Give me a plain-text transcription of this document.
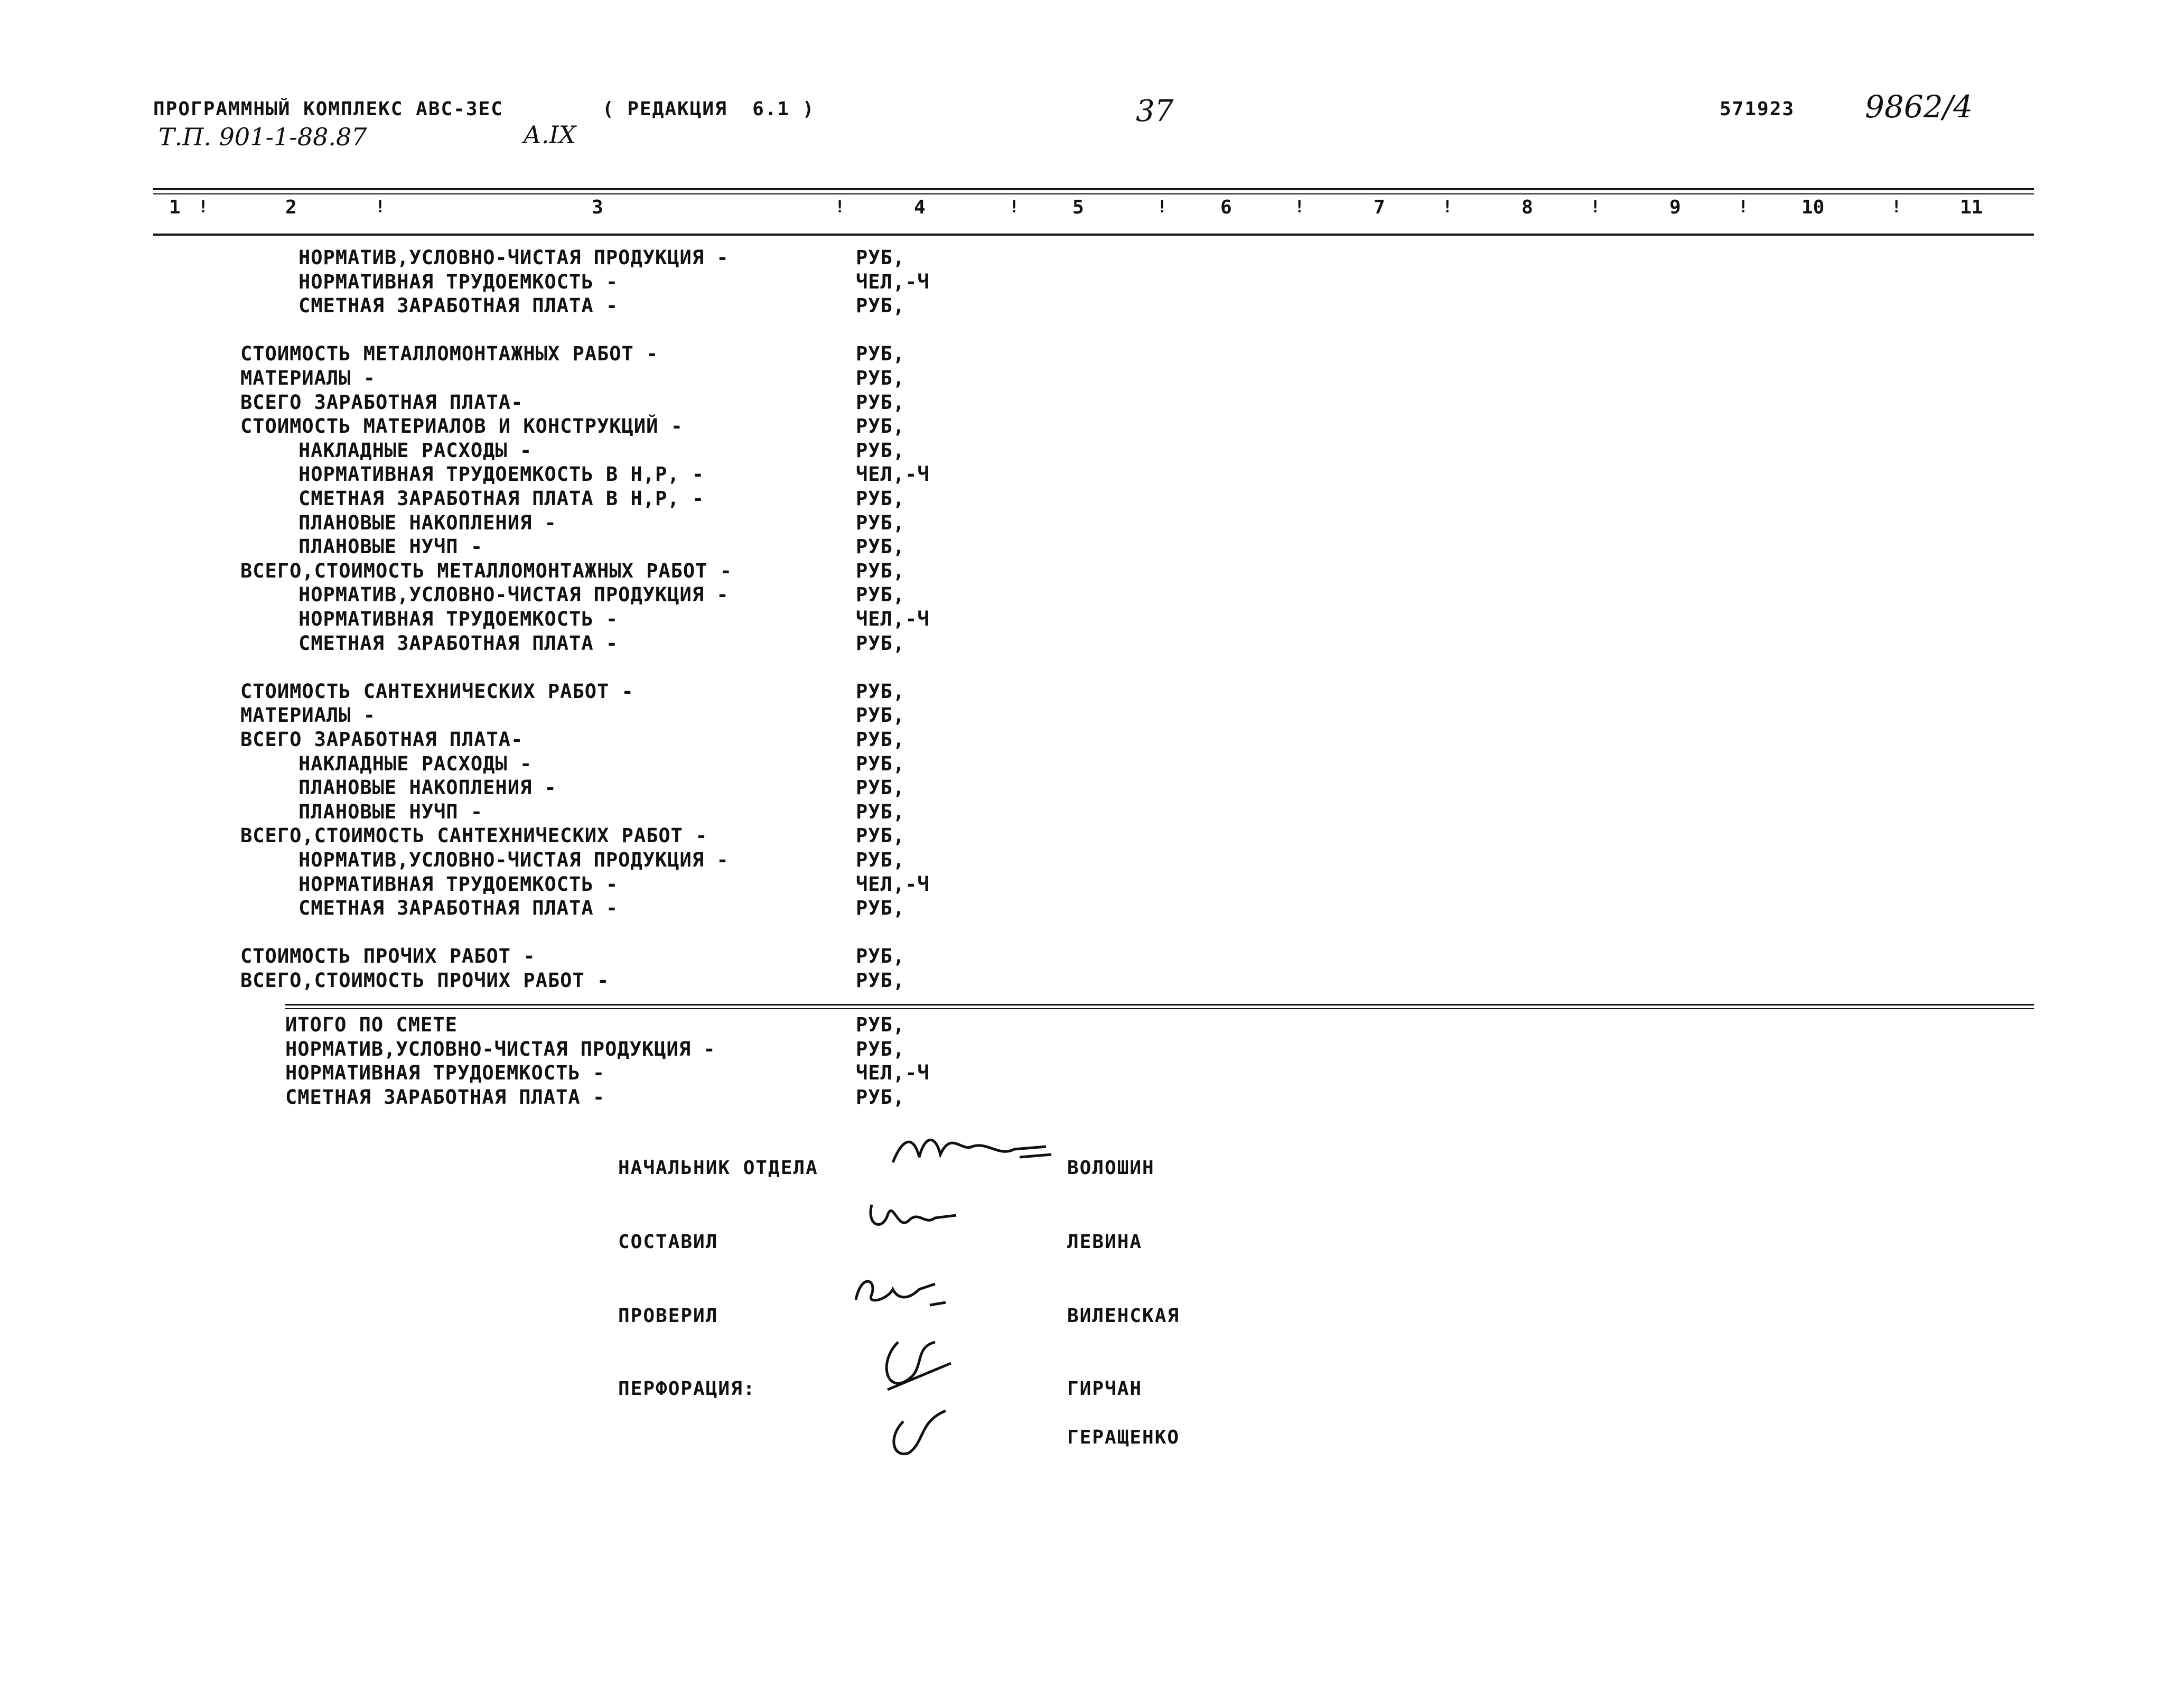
ПРОГРАММНЫЙ КОМПЛЕКС АВС-3ЕС	( РЕДАКЦИЯ  6.1 )	37	571923 9862/4
Т.П. 901-1-88.87	А.IX
1	2	3	4	5	6	7	8	9	10	11
!	!	!	!	!	!	!	!	!	!
НОРМАТИВ,УСЛОВНО-ЧИСТАЯ ПРОДУКЦИЯ -	РУБ,
НОРМАТИВНАЯ ТРУДОЕМКОСТЬ -	ЧЕЛ,-Ч
СМЕТНАЯ ЗАРАБОТНАЯ ПЛАТА -	РУБ,
СТОИМОСТЬ МЕТАЛЛОМОНТАЖНЫХ РАБОТ -	РУБ,
МАТЕРИАЛЫ -	РУБ,
ВСЕГО ЗАРАБОТНАЯ ПЛАТА-	РУБ,
СТОИМОСТЬ МАТЕРИАЛОВ И КОНСТРУКЦИЙ -	РУБ,
НАКЛАДНЫЕ РАСХОДЫ -	РУБ,
НОРМАТИВНАЯ ТРУДОЕМКОСТЬ В Н,Р, -	ЧЕЛ,-Ч
СМЕТНАЯ ЗАРАБОТНАЯ ПЛАТА В Н,Р, -	РУБ,
ПЛАНОВЫЕ НАКОПЛЕНИЯ -	РУБ,
ПЛАНОВЫЕ НУЧП -	РУБ,
ВСЕГО,СТОИМОСТЬ МЕТАЛЛОМОНТАЖНЫХ РАБОТ -	РУБ,
НОРМАТИВ,УСЛОВНО-ЧИСТАЯ ПРОДУКЦИЯ -	РУБ,
НОРМАТИВНАЯ ТРУДОЕМКОСТЬ -	ЧЕЛ,-Ч
СМЕТНАЯ ЗАРАБОТНАЯ ПЛАТА -	РУБ,
СТОИМОСТЬ САНТЕХНИЧЕСКИХ РАБОТ -	РУБ,
МАТЕРИАЛЫ -	РУБ,
ВСЕГО ЗАРАБОТНАЯ ПЛАТА-	РУБ,
НАКЛАДНЫЕ РАСХОДЫ -	РУБ,
ПЛАНОВЫЕ НАКОПЛЕНИЯ -	РУБ,
ПЛАНОВЫЕ НУЧП -	РУБ,
ВСЕГО,СТОИМОСТЬ САНТЕХНИЧЕСКИХ РАБОТ -	РУБ,
НОРМАТИВ,УСЛОВНО-ЧИСТАЯ ПРОДУКЦИЯ -	РУБ,
НОРМАТИВНАЯ ТРУДОЕМКОСТЬ -	ЧЕЛ,-Ч
СМЕТНАЯ ЗАРАБОТНАЯ ПЛАТА -	РУБ,
СТОИМОСТЬ ПРОЧИХ РАБОТ -	РУБ,
ВСЕГО,СТОИМОСТЬ ПРОЧИХ РАБОТ -	РУБ,
ИТОГО ПО СМЕТЕ	РУБ,
НОРМАТИВ,УСЛОВНО-ЧИСТАЯ ПРОДУКЦИЯ -	РУБ,
НОРМАТИВНАЯ ТРУДОЕМКОСТЬ -	ЧЕЛ,-Ч
СМЕТНАЯ ЗАРАБОТНАЯ ПЛАТА -	РУБ,
НАЧАЛЬНИК ОТДЕЛА	ВОЛОШИН
СОСТАВИЛ	ЛЕВИНА
ПРОВЕРИЛ	ВИЛЕНСКАЯ
ПЕРФОРАЦИЯ:	ГИРЧАН
ГЕРАЩЕНКО
